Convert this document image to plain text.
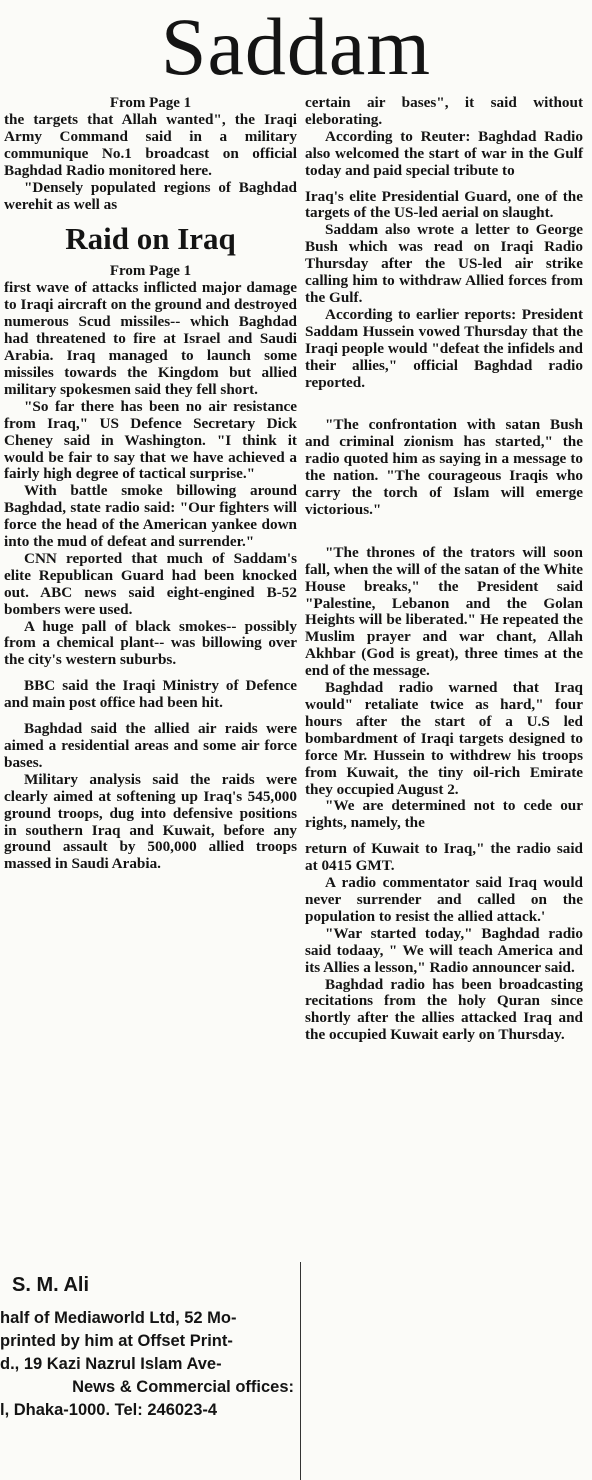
Saddam
From Page 1

the targets that Allah wanted", the Iraqi Army Command said in a military communique No.1 broadcast on official Baghdad Radio monitored here.

"Densely populated regions of Baghdad werehit as well as

Raid on Iraq
From Page 1

first wave of attacks inflicted major damage to Iraqi aircraft on the ground and destroyed numerous Scud missiles-- which Baghdad had threatened to fire at Israel and Saudi Arabia. Iraq managed to launch some missiles towards the Kingdom but allied military spokesmen said they fell short.

"So far there has been no air resistance from Iraq," US Defence Secretary Dick Cheney said in Washington. "I think it would be fair to say that we have achieved a fairly high degree of tactical surprise."

With battle smoke billowing around Baghdad, state radio said: "Our fighters will force the head of the American yankee down into the mud of defeat and surrender."

CNN reported that much of Saddam's elite Republican Guard had been knocked out. ABC news said eight-engined B-52 bombers were used.

A huge pall of black smokes-- possibly from a chemical plant-- was billowing over the city's western suburbs.

BBC said the Iraqi Ministry of Defence and main post office had been hit.

Baghdad said the allied air raids were aimed a residential areas and some air force bases.

Military analysis said the raids were clearly aimed at softening up Iraq's 545,000 ground troops, dug into defensive positions in southern Iraq and Kuwait, before any ground assault by 500,000 allied troops massed in Saudi Arabia.

certain air bases", it said without eleborating.

According to Reuter: Baghdad Radio also welcomed the start of war in the Gulf today and paid special tribute to

Iraq's elite Presidential Guard, one of the targets of the US-led aerial on slaught.

Saddam also wrote a letter to George Bush which was read on Iraqi Radio Thursday after the US-led air strike calling him to withdraw Allied forces from the Gulf.

According to earlier reports: President Saddam Hussein vowed Thursday that the Iraqi people would "defeat the infidels and their allies," official Baghdad radio reported.

"The confrontation with satan Bush and criminal zionism has started," the radio quoted him as saying in a message to the nation. "The courageous Iraqis who carry the torch of Islam will emerge victorious."

"The thrones of the trators will soon fall, when the will of the satan of the White House breaks," the President said "Palestine, Lebanon and the Golan Heights will be liberated." He repeated the Muslim prayer and war chant, Allah Akhbar (God is great), three times at the end of the message.

Baghdad radio warned that Iraq would" retaliate twice as hard," four hours after the start of a U.S led bombardment of Iraqi targets designed to force Mr. Hussein to withdrew his troops from Kuwait, the tiny oil-rich Emirate they occupied August 2.

"We are determined not to cede our rights, namely, the

return of Kuwait to Iraq," the radio said at 0415 GMT.

A radio commentator said Iraq would never surrender and called on the population to resist the allied attack.'

"War started today," Baghdad radio said todaay, " We will teach America and its Allies a lesson," Radio announcer said.

Baghdad radio has been broadcasting recitations from the holy Quran since shortly after the allies attacked Iraq and the occupied Kuwait early on Thursday.

S. M. Ali
half of Mediaworld Ltd, 52 Mo-
printed by him at Offset Print-
d., 19 Kazi Nazrul Islam Ave-
News & Commercial offices:
l, Dhaka-1000. Tel: 246023-4
